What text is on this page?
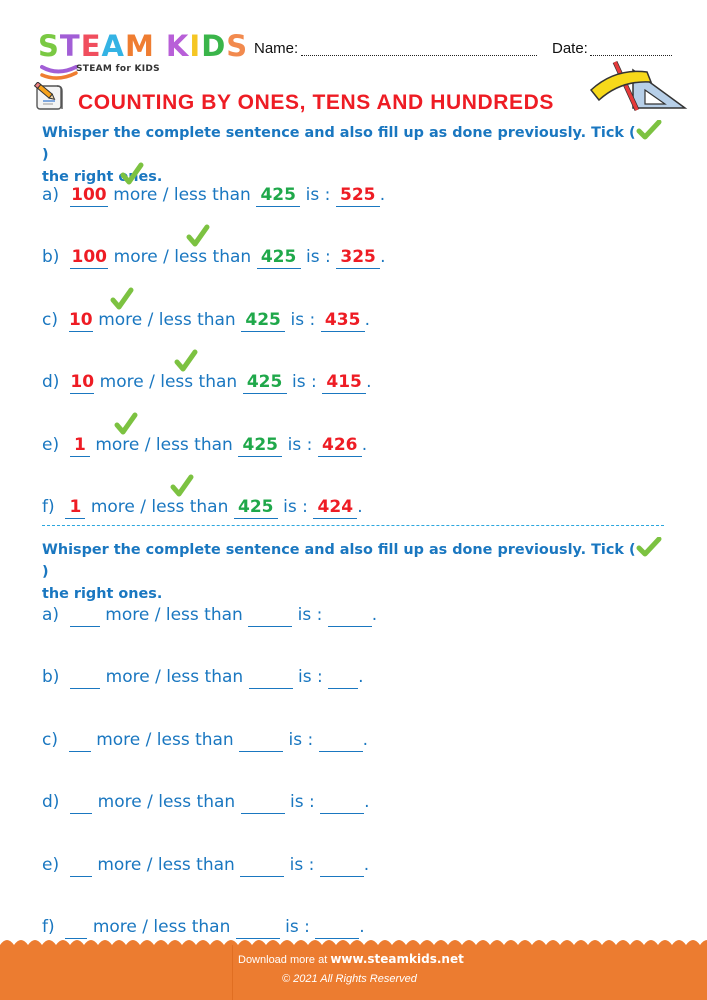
STEAM KIDS
STEAM for KIDS
Name:	Date:
COUNTING BY ONES, TENS AND HUNDREDS
Whisper the complete sentence and also fill up as done previously. Tick ()
the right ones.
a) 100 more / less than 425 is : 525 .
b) 100 more / less than 425 is : 325 .
c) 10 more / less than 425 is : 435 .
d) 10 more / less than 425 is : 415 .
e) 1 more / less than 425 is : 426 .
f) 1 more / less than 425 is : 424 .
Whisper the complete sentence and also fill up as done previously. Tick ()
the right ones.
a)	more / less than	is :	.
b)	more / less than	is : .
c) more / less than	is :	.
d) more / less than	is :	.
e) more / less than	is :	.
f) more / less than	is :	.
Download more at www.steamkids.net
© 2021 All Rights Reserved
